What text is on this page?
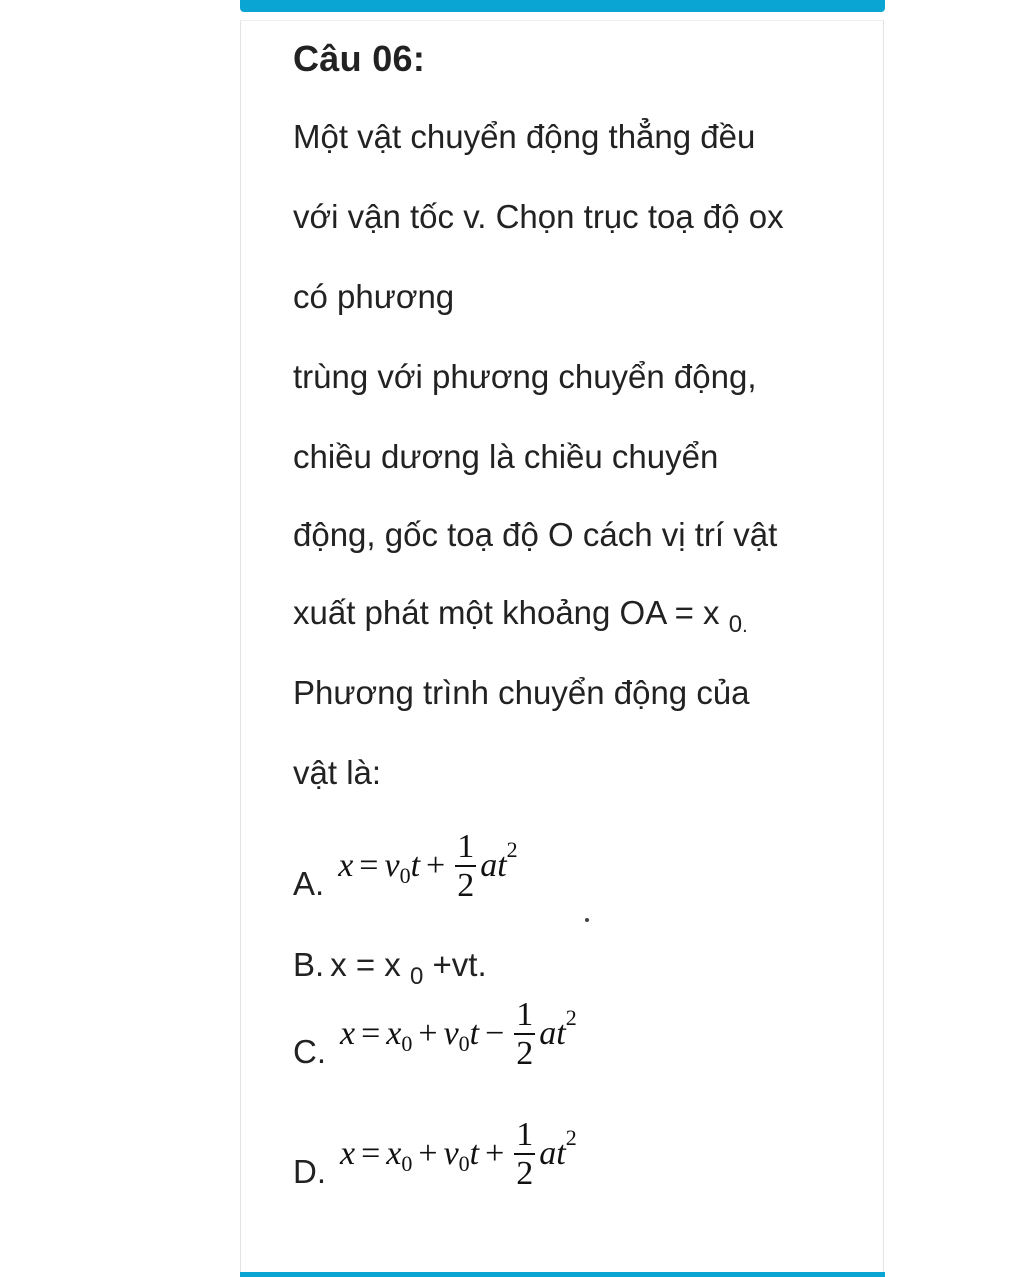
Câu 06:
Một vật chuyển động thẳng đều
với vận tốc v. Chọn trục toạ độ ox
có phương
trùng với phương chuyển động,
chiều dương là chiều chuyển
động, gốc toạ độ O cách vị trí vật
xuất phát một khoảng OA = x $_{0.}$
Phương trình chuyển động của
vật là:
A. x = v 0 $t + \frac{1}{2}$ at 2
B. x = x $_0$ +vt.
C. x = x 0 + v 0 $t - \frac{1}{2}$ at 2
D. x = x 0 + v 0 $t + \frac{1}{2}$ at 2
